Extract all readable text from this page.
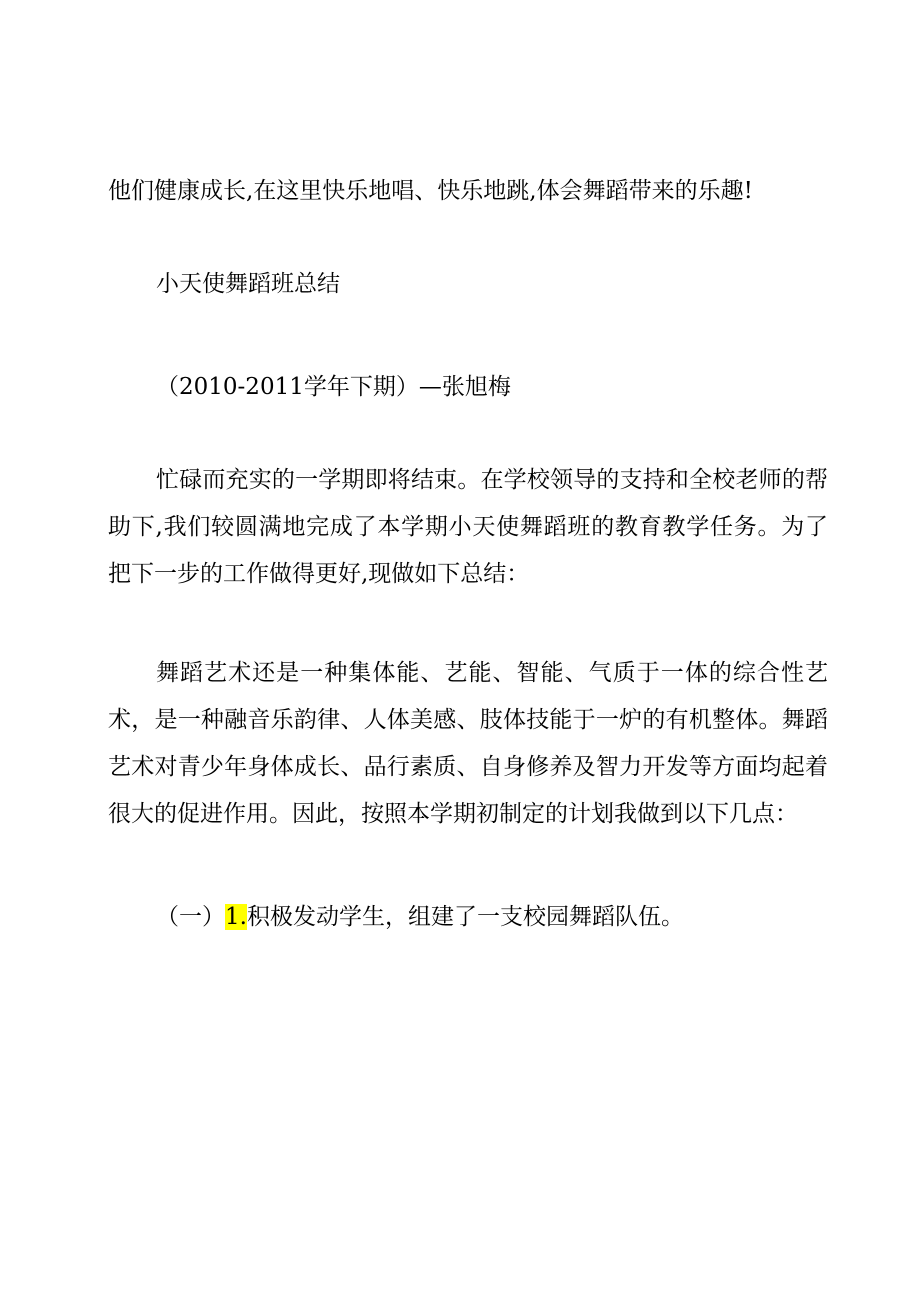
他们健康成长,在这里快乐地唱、快乐地跳,体会舞蹈带来的乐趣!

小天使舞蹈班总结

（2010-2011学年下期）—张旭梅

忙碌而充实的一学期即将结束。在学校领导的支持和全校老师的帮助下,我们较圆满地完成了本学期小天使舞蹈班的教育教学任务。为了把下一步的工作做得更好,现做如下总结：

舞蹈艺术还是一种集体能、艺能、智能、气质于一体的综合性艺术，是一种融音乐韵律、人体美感、肢体技能于一炉的有机整体。舞蹈艺术对青少年身体成长、品行素质、自身修养及智力开发等方面均起着很大的促进作用。因此，按照本学期初制定的计划我做到以下几点：

（一）1.积极发动学生，组建了一支校园舞蹈队伍。
